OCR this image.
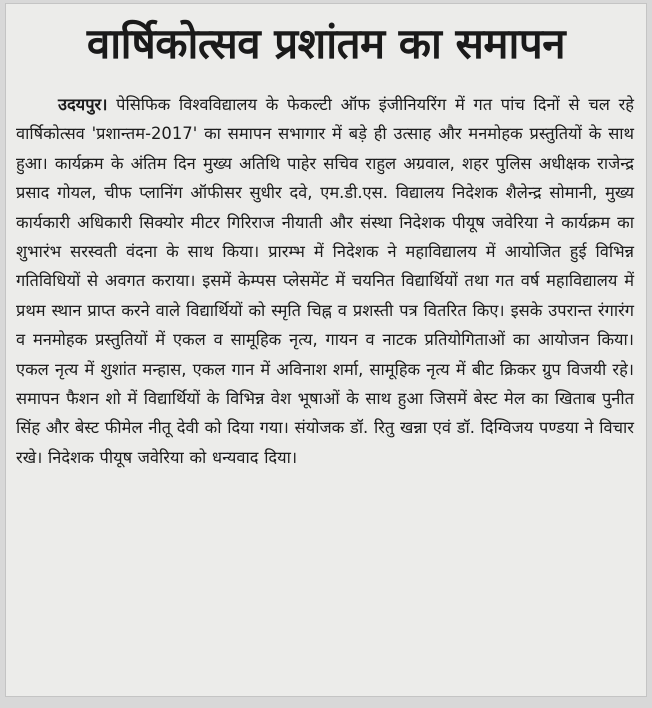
वार्षिकोत्सव प्रशांतम का समापन

उदयपुर। पेसिफिक विश्वविद्यालय के फेकल्टी ऑफ इंजीनियरिंग में गत पांच दिनों से चल रहे वार्षिकोत्सव 'प्रशान्तम-2017' का समापन सभागार में बड़े ही उत्साह और मनमोहक प्रस्तुतियों के साथ हुआ। कार्यक्रम के अंतिम दिन मुख्य अतिथि पाहेर सचिव राहुल अग्रवाल, शहर पुलिस अधीक्षक राजेन्द्र प्रसाद गोयल, चीफ प्लानिंग ऑफीसर सुधीर दवे, एम.डी.एस. विद्यालय निदेशक शैलेन्द्र सोमानी, मुख्य कार्यकारी अधिकारी सिक्योर मीटर गिरिराज नीयाती और संस्था निदेशक पीयूष जवेरिया ने कार्यक्रम का शुभारंभ सरस्वती वंदना के साथ किया। प्रारम्भ में निदेशक ने महाविद्यालय में आयोजित हुई विभिन्न गतिविधियों से अवगत कराया। इसमें केम्पस प्लेसमेंट में चयनित विद्यार्थियों तथा गत वर्ष महाविद्यालय में प्रथम स्थान प्राप्त करने वाले विद्यार्थियों को स्मृति चिह्न व प्रशस्ती पत्र वितरित किए। इसके उपरान्त रंगारंग व मनमोहक प्रस्तुतियों में एकल व सामूहिक नृत्य, गायन व नाटक प्रतियोगिताओं का आयोजन किया। एकल नृत्य में शुशांत मन्हास, एकल गान में अविनाश शर्मा, सामूहिक नृत्य में बीट क्रिकर ग्रुप विजयी रहे। समापन फैशन शो में विद्यार्थियों के विभिन्न वेश भूषाओं के साथ हुआ जिसमें बेस्ट मेल का खिताब पुनीत सिंह और बेस्ट फीमेल नीतू देवी को दिया गया। संयोजक डॉ. रितु खन्ना एवं डॉ. दिग्विजय पण्डया ने विचार रखे। निदेशक पीयूष जवेरिया को धन्यवाद दिया।
